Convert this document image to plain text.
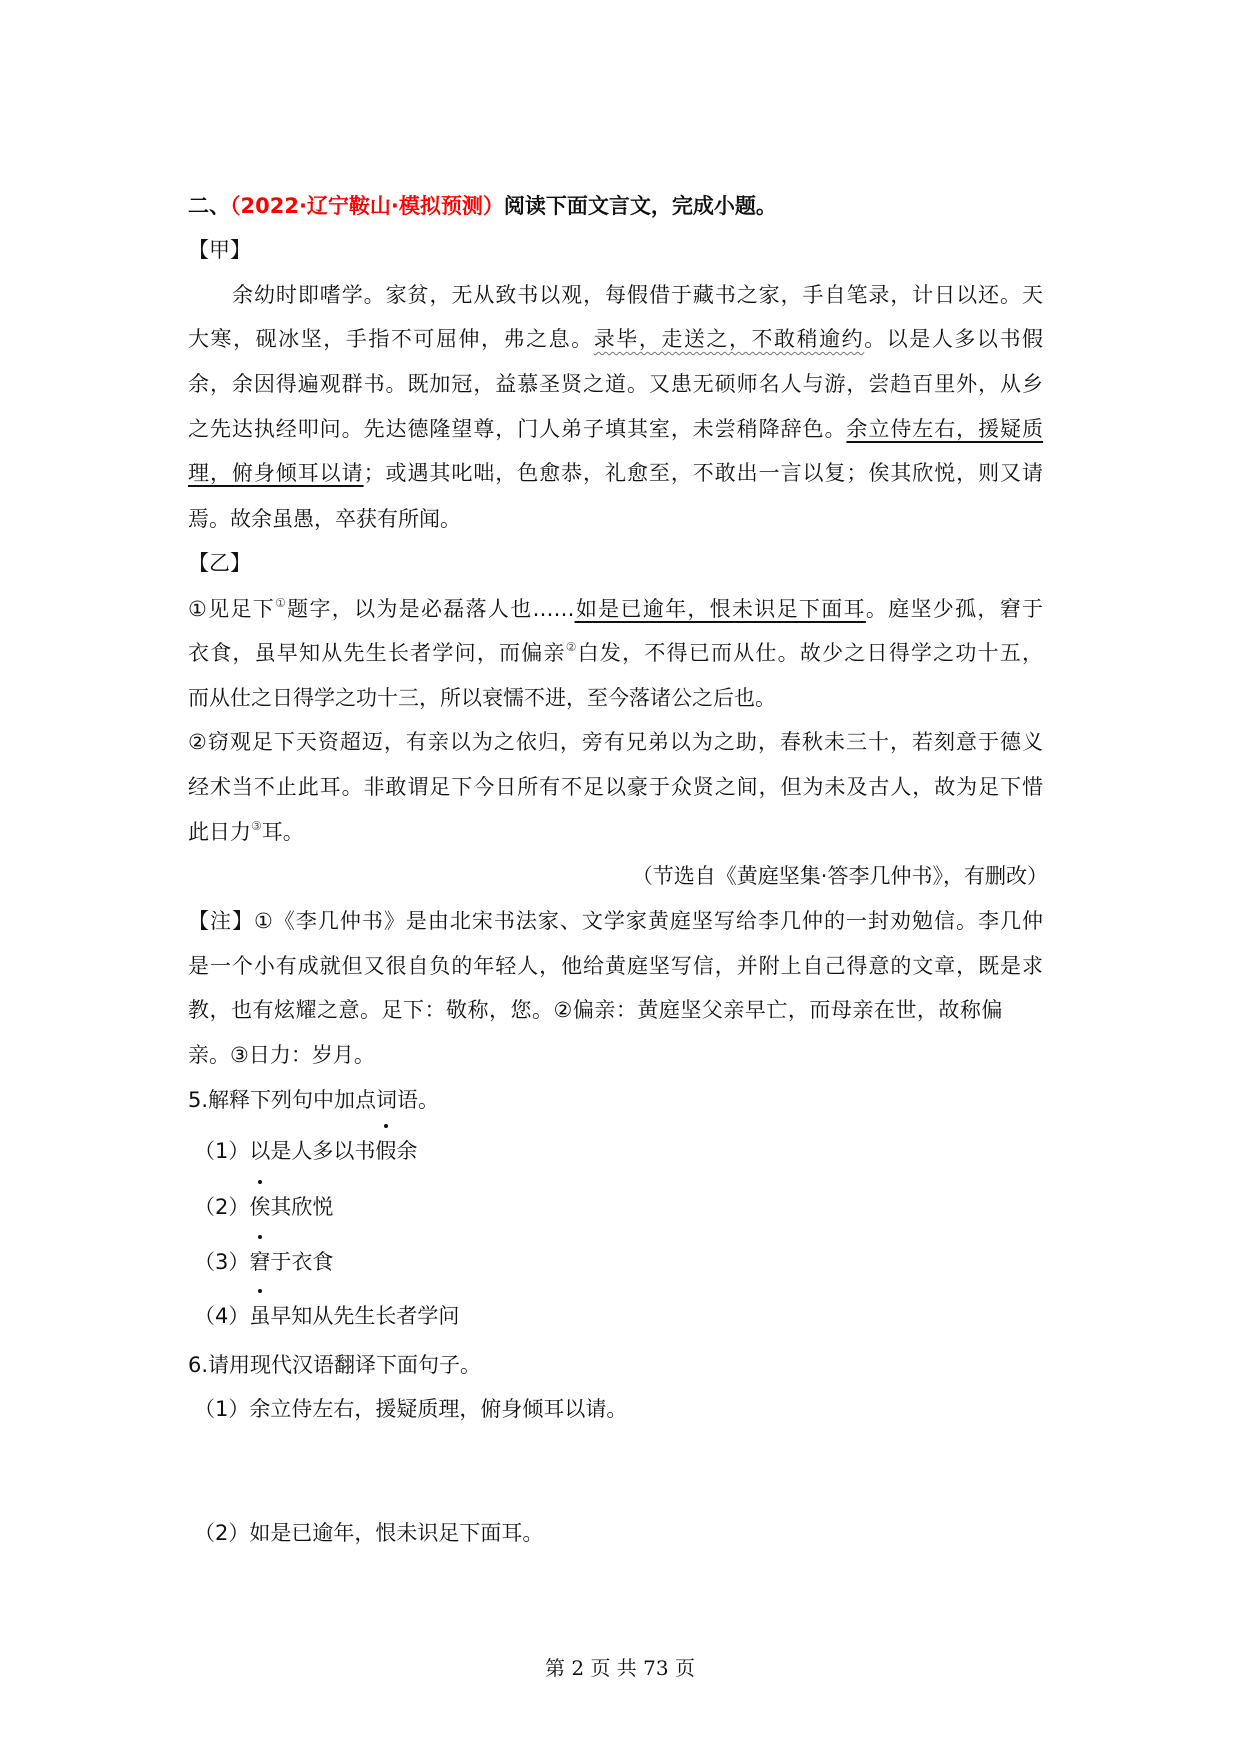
二、（2022·辽宁鞍山·模拟预测）阅读下面文言文，完成小题。
【甲】
余幼时即嗜学。家贫，无从致书以观，每假借于藏书之家，手自笔录，计日以还。天
大寒，砚冰坚，手指不可屈伸，弗之息。录毕，走送之，不敢稍逾约。以是人多以书假
余，余因得遍观群书。既加冠，益慕圣贤之道。又患无硕师名人与游，尝趋百里外，从乡
之先达执经叩问。先达德隆望尊，门人弟子填其室，未尝稍降辞色。余立侍左右，援疑质
理，俯身倾耳以请；或遇其叱咄，色愈恭，礼愈至，不敢出一言以复；俟其欣悦，则又请
焉。故余虽愚，卒获有所闻。
【乙】
①见足下①题字，以为是必磊落人也……如是已逾年，恨未识足下面耳。庭坚少孤，窘于
衣食，虽早知从先生长者学问，而偏亲②白发，不得已而从仕。故少之日得学之功十五，
而从仕之日得学之功十三，所以衰懦不进，至今落诸公之后也。
②窃观足下天资超迈，有亲以为之依归，旁有兄弟以为之助，春秋未三十，若刻意于德义
经术当不止此耳。非敢谓足下今日所有不足以豪于众贤之间，但为未及古人，故为足下惜
此日力③耳。
（节选自《黄庭坚集·答李几仲书》，有删改）
【注】①《李几仲书》是由北宋书法家、文学家黄庭坚写给李几仲的一封劝勉信。李几仲
是一个小有成就但又很自负的年轻人，他给黄庭坚写信，并附上自己得意的文章，既是求
教，也有炫耀之意。足下：敬称，您。②偏亲：黄庭坚父亲早亡，而母亲在世，故称偏
亲。③日力：岁月。
5.解释下列句中加点词语。
（1）以是人多以书假余
（2）俟其欣悦
（3）窘于衣食
（4）虽早知从先生长者学问
6.请用现代汉语翻译下面句子。
（1）余立侍左右，援疑质理，俯身倾耳以请。
（2）如是已逾年，恨未识足下面耳。
第 2 页 共 73 页
